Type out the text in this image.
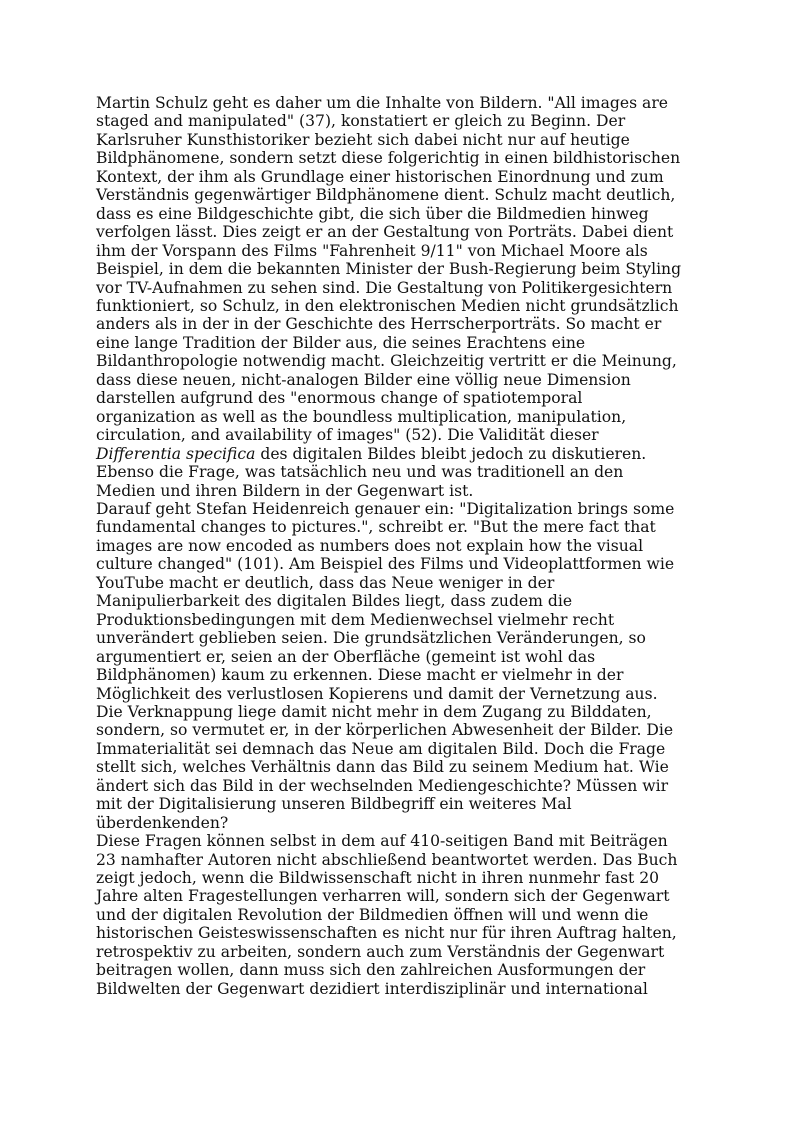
Martin Schulz geht es daher um die Inhalte von Bildern. "All images are
staged and manipulated" (37), konstatiert er gleich zu Beginn. Der
Karlsruher Kunsthistoriker bezieht sich dabei nicht nur auf heutige
Bildphänomene, sondern setzt diese folgerichtig in einen bildhistorischen
Kontext, der ihm als Grundlage einer historischen Einordnung und zum
Verständnis gegenwärtiger Bildphänomene dient. Schulz macht deutlich,
dass es eine Bildgeschichte gibt, die sich über die Bildmedien hinweg
verfolgen lässt. Dies zeigt er an der Gestaltung von Porträts. Dabei dient
ihm der Vorspann des Films "Fahrenheit 9/11" von Michael Moore als
Beispiel, in dem die bekannten Minister der Bush-Regierung beim Styling
vor TV-Aufnahmen zu sehen sind. Die Gestaltung von Politikergesichtern
funktioniert, so Schulz, in den elektronischen Medien nicht grundsätzlich
anders als in der in der Geschichte des Herrscherporträts. So macht er
eine lange Tradition der Bilder aus, die seines Erachtens eine
Bildanthropologie notwendig macht. Gleichzeitig vertritt er die Meinung,
dass diese neuen, nicht-analogen Bilder eine völlig neue Dimension
darstellen aufgrund des "enormous change of spatiotemporal
organization as well as the boundless multiplication, manipulation,
circulation, and availability of images" (52). Die Validität dieser
Differentia specifica des digitalen Bildes bleibt jedoch zu diskutieren.
Ebenso die Frage, was tatsächlich neu und was traditionell an den
Medien und ihren Bildern in der Gegenwart ist.
Darauf geht Stefan Heidenreich genauer ein: "Digitalization brings some
fundamental changes to pictures.", schreibt er. "But the mere fact that
images are now encoded as numbers does not explain how the visual
culture changed" (101). Am Beispiel des Films und Videoplattformen wie
YouTube macht er deutlich, dass das Neue weniger in der
Manipulierbarkeit des digitalen Bildes liegt, dass zudem die
Produktionsbedingungen mit dem Medienwechsel vielmehr recht
unverändert geblieben seien. Die grundsätzlichen Veränderungen, so
argumentiert er, seien an der Oberfläche (gemeint ist wohl das
Bildphänomen) kaum zu erkennen. Diese macht er vielmehr in der
Möglichkeit des verlustlosen Kopierens und damit der Vernetzung aus.
Die Verknappung liege damit nicht mehr in dem Zugang zu Bilddaten,
sondern, so vermutet er, in der körperlichen Abwesenheit der Bilder. Die
Immaterialität sei demnach das Neue am digitalen Bild. Doch die Frage
stellt sich, welches Verhältnis dann das Bild zu seinem Medium hat. Wie
ändert sich das Bild in der wechselnden Mediengeschichte? Müssen wir
mit der Digitalisierung unseren Bildbegriff ein weiteres Mal
überdenkenden?
Diese Fragen können selbst in dem auf 410-seitigen Band mit Beiträgen
23 namhafter Autoren nicht abschließend beantwortet werden. Das Buch
zeigt jedoch, wenn die Bildwissenschaft nicht in ihren nunmehr fast 20
Jahre alten Fragestellungen verharren will, sondern sich der Gegenwart
und der digitalen Revolution der Bildmedien öffnen will und wenn die
historischen Geisteswissenschaften es nicht nur für ihren Auftrag halten,
retrospektiv zu arbeiten, sondern auch zum Verständnis der Gegenwart
beitragen wollen, dann muss sich den zahlreichen Ausformungen der
Bildwelten der Gegenwart dezidiert interdisziplinär und international
